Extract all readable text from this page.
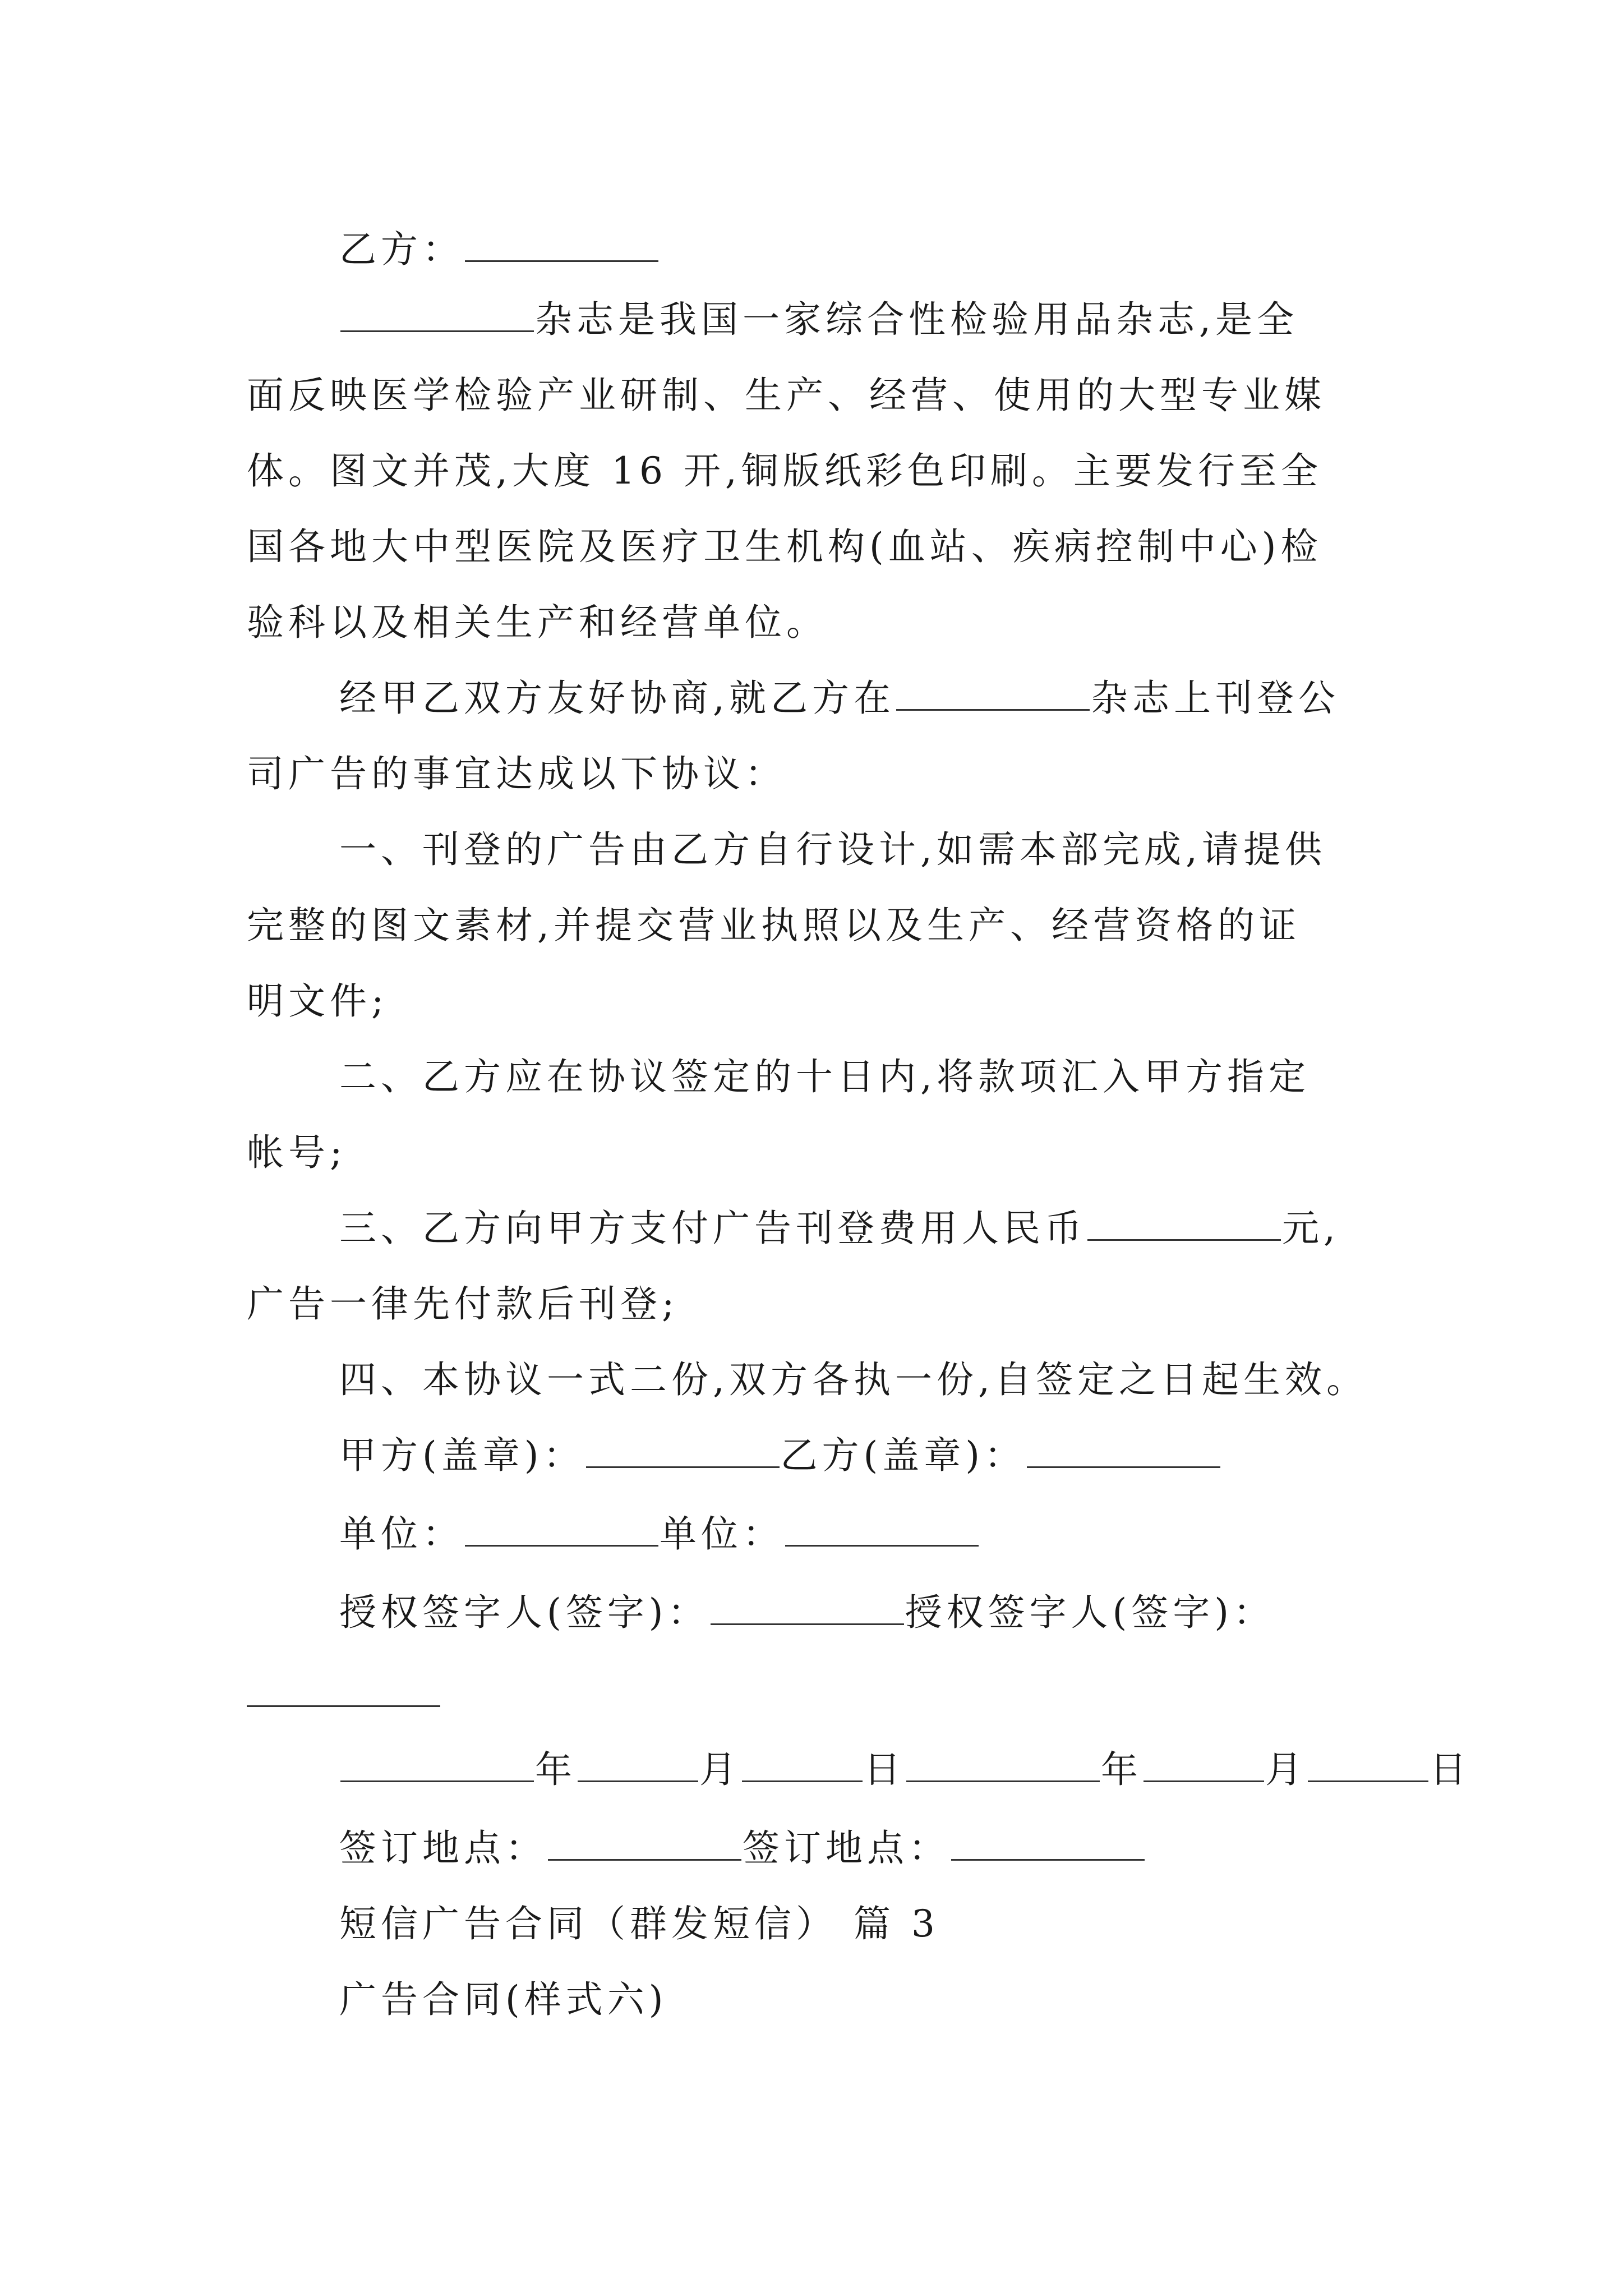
乙方：
杂志是我国一家综合性检验用品杂志,是全
面反映医学检验产业研制、生产、经营、使用的大型专业媒
体。图文并茂,大度 16 开,铜版纸彩色印刷。主要发行至全
国各地大中型医院及医疗卫生机构(血站、疾病控制中心)检
验科以及相关生产和经营单位。
经甲乙双方友好协商,就乙方在	杂志上刊登公
司广告的事宜达成以下协议：
一、刊登的广告由乙方自行设计,如需本部完成,请提供
完整的图文素材,并提交营业执照以及生产、经营资格的证
明文件;
二、乙方应在协议签定的十日内,将款项汇入甲方指定
帐号;
三、乙方向甲方支付广告刊登费用人民币	元,
广告一律先付款后刊登;
四、本协议一式二份,双方各执一份,自签定之日起生效。
甲方(盖章)：	乙方(盖章)：
单位：	单位：
授权签字人(签字)：	授权签字人(签字)：
年	月	日	年	月	日
签订地点：	签订地点：
短信广告合同（群发短信） 篇 3
广告合同(样式六)
